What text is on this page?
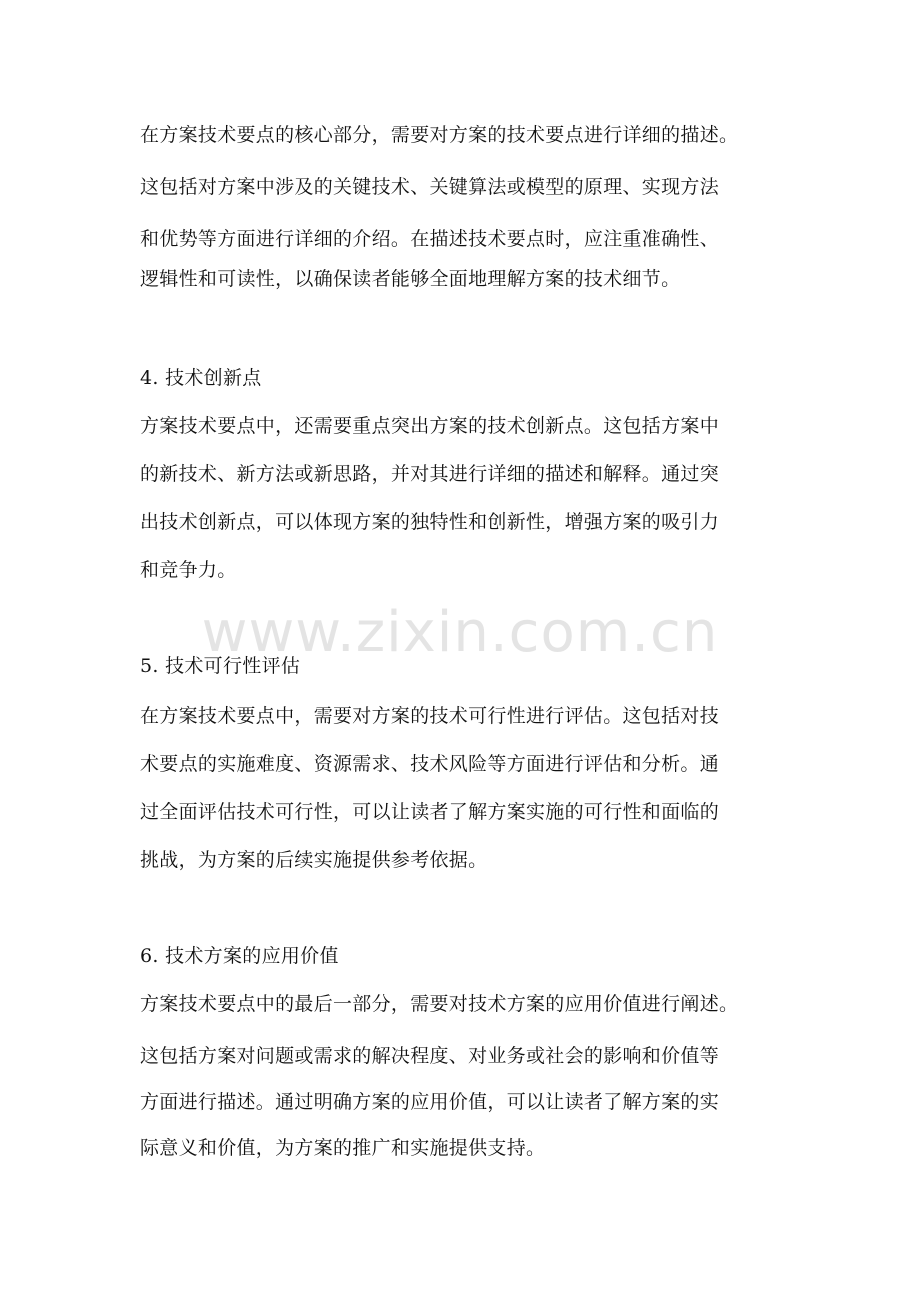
在方案技术要点的核心部分，需要对方案的技术要点进行详细的描述。
这包括对方案中涉及的关键技术、关键算法或模型的原理、实现方法
和优势等方面进行详细的介绍。在描述技术要点时，应注重准确性、
逻辑性和可读性，以确保读者能够全面地理解方案的技术细节。
4. 技术创新点
方案技术要点中，还需要重点突出方案的技术创新点。这包括方案中
的新技术、新方法或新思路，并对其进行详细的描述和解释。通过突
出技术创新点，可以体现方案的独特性和创新性，增强方案的吸引力
和竞争力。
5. 技术可行性评估
在方案技术要点中，需要对方案的技术可行性进行评估。这包括对技
术要点的实施难度、资源需求、技术风险等方面进行评估和分析。通
过全面评估技术可行性，可以让读者了解方案实施的可行性和面临的
挑战，为方案的后续实施提供参考依据。
6. 技术方案的应用价值
方案技术要点中的最后一部分，需要对技术方案的应用价值进行阐述。
这包括方案对问题或需求的解决程度、对业务或社会的影响和价值等
方面进行描述。通过明确方案的应用价值，可以让读者了解方案的实
际意义和价值，为方案的推广和实施提供支持。
www.zixin.com.cn
